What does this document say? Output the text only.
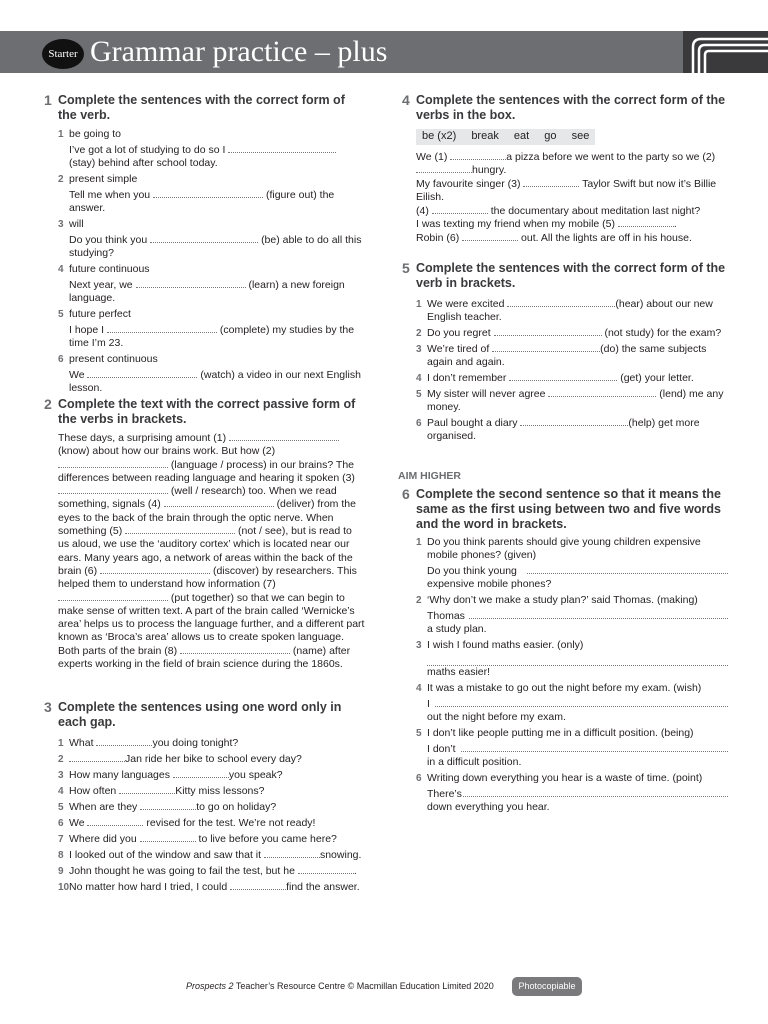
Starter Grammar practice – plus
1 Complete the sentences with the correct form of the verb.
1 be going to
I’ve got a lot of studying to do so I  (stay) behind after school today.
2 present simple
Tell me when you	(figure out) the answer.
3 will
Do you think you	(be) able to do all this studying?
4 future continuous
Next year, we	(learn) a new foreign language.
5 future perfect
I hope I	(complete) my studies by the time I’m 23.
6 present continuous
We	(watch) a video in our next English lesson.
2 Complete the text with the correct passive form of the verbs in brackets.
These days, a surprising amount (1)  (know) about how our brains work. But how (2)  (language / process) in our brains? The differences between reading language and hearing it spoken (3)  (well / research) too. When we read something, signals (4)	(deliver) from the eyes to the back of the brain through the optic nerve. When something (5)	(not / see), but is read to us aloud, we use the ‘auditory cortex’ which is located near our ears. Many years ago, a network of areas within the back of the brain (6)	(discover) by researchers. This helped them to understand how information (7)  (put together) so that we can begin to make sense of written text. A part of the brain called ‘Wernicke’s area’ helps us to process the language further, and a different part known as ‘Broca’s area’ allows us to create spoken language. Both parts of the brain (8)	(name) after experts working in the field of brain science during the 1860s.
3 Complete the sentences using one word only in each gap.
1 What	you doing tonight?
2	Jan ride her bike to school every day?
3 How many languages	you speak?
4 How often	Kitty miss lessons?
5 When are they	to go on holiday?
6 We	revised for the test. We’re not ready!
7 Where did you	to live before you came here?
8 I looked out of the window and saw that it	snowing.
9 John thought he was going to fail the test, but he	.
10 No matter how hard I tried, I could	find the answer.
4 Complete the sentences with the correct form of the verbs in the box.
be (x2) break eat go see
We (1)	a pizza before we went to the party so we (2) hungry.
My favourite singer (3)	Taylor Swift but now it’s Billie Eilish.
(4)	the documentary about meditation last night?
I was texting my friend when my mobile (5)	.
Robin (6)	out. All the lights are off in his house.
5 Complete the sentences with the correct form of the verb in brackets.
1 We were excited	(hear) about our new English teacher.
2 Do you regret	(not study) for the exam?
3 We’re tired of	(do) the same subjects again and again.
4 I don’t remember	(get) your letter.
5 My sister will never agree	(lend) me any money.
6 Paul bought a diary	(help) get more organised.
AIM HIGHER
6 Complete the second sentence so that it means the same as the first using between two and five words and the word in brackets.
1 Do you think parents should give young children expensive mobile phones? (given)
Do you think young
expensive mobile phones?
2 ‘Why don’t we make a study plan?’ said Thomas. (making)
Thomas
a study plan.
3 I wish I found maths easier. (only)
maths easier!
4 It was a mistake to go out the night before my exam. (wish)
I
out the night before my exam.
5 I don’t like people putting me in a difficult position. (being)
I don’t
in a difficult position.
6 Writing down everything you hear is a waste of time. (point)
There’s
down everything you hear.
Prospects 2 Teacher’s Resource Centre © Macmillan Education Limited 2020	Photocopiable
